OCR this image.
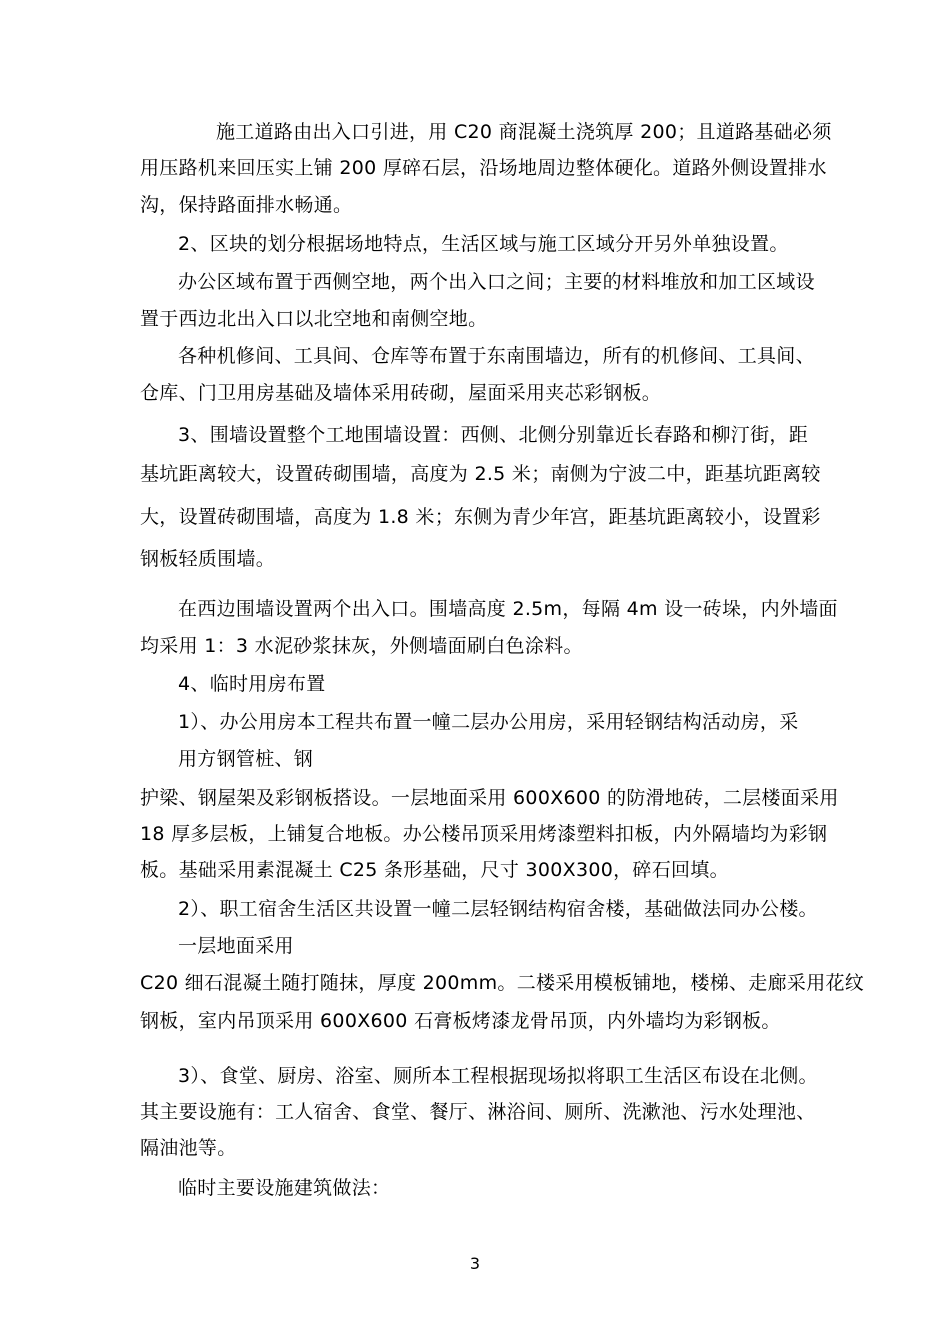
施工道路由出入口引进，用 C20 商混凝土浇筑厚 200；且道路基础必须
用压路机来回压实上铺 200 厚碎石层，沿场地周边整体硬化。道路外侧设置排水
沟，保持路面排水畅通。
2、区块的划分根据场地特点，生活区域与施工区域分开另外单独设置。
办公区域布置于西侧空地，两个出入口之间；主要的材料堆放和加工区域设
置于西边北出入口以北空地和南侧空地。
各种机修间、工具间、仓库等布置于东南围墙边，所有的机修间、工具间、
仓库、门卫用房基础及墙体采用砖砌，屋面采用夹芯彩钢板。
3、围墙设置整个工地围墙设置：西侧、北侧分别靠近长春路和柳汀街，距
基坑距离较大，设置砖砌围墙，高度为 2.5 米；南侧为宁波二中，距基坑距离较
大，设置砖砌围墙，高度为 1.8 米；东侧为青少年宫，距基坑距离较小，设置彩
钢板轻质围墙。
在西边围墙设置两个出入口。围墙高度 2.5m，每隔 4m 设一砖垛，内外墙面
均采用 1：3 水泥砂浆抹灰，外侧墙面刷白色涂料。
4、临时用房布置
1）、办公用房本工程共布置一幢二层办公用房，采用轻钢结构活动房，采
用方钢管桩、钢
护梁、钢屋架及彩钢板搭设。一层地面采用 600X600 的防滑地砖，二层楼面采用
18 厚多层板，上铺复合地板。办公楼吊顶采用烤漆塑料扣板，内外隔墙均为彩钢
板。基础采用素混凝土 C25 条形基础，尺寸 300X300，碎石回填。
2）、职工宿舍生活区共设置一幢二层轻钢结构宿舍楼，基础做法同办公楼。
一层地面采用
C20 细石混凝土随打随抹，厚度 200mm。二楼采用模板铺地，楼梯、走廊采用花纹
钢板，室内吊顶采用 600X600 石膏板烤漆龙骨吊顶，内外墙均为彩钢板。
3）、食堂、厨房、浴室、厕所本工程根据现场拟将职工生活区布设在北侧。
其主要设施有：工人宿舍、食堂、餐厅、淋浴间、厕所、洗漱池、污水处理池、
隔油池等。
临时主要设施建筑做法：
3
